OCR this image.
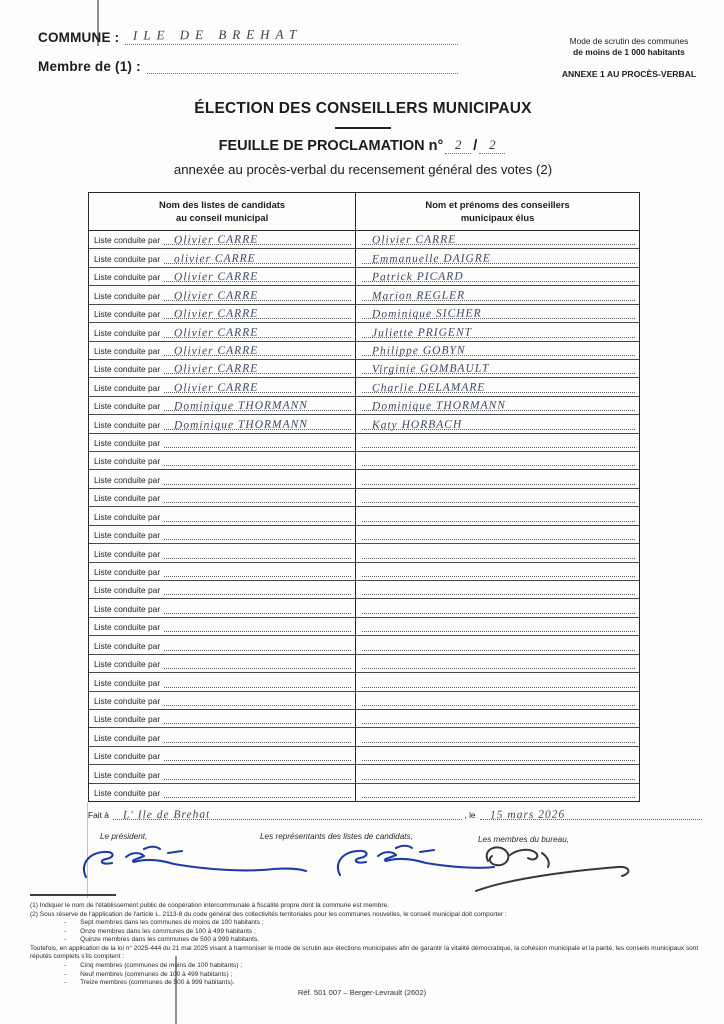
COMMUNE : ILE DE BREHAT
Membre de (1) :
Mode de scrutin des communes
de moins de 1 000 habitants
ANNEXE 1 AU PROCÈS-VERBAL
ÉLECTION DES CONSEILLERS MUNICIPAUX
FEUILLE DE PROCLAMATION n° 2 / 2
annexée au procès-verbal du recensement général des votes (2)
Nom des listes de candidats
au conseil municipal
Nom et prénoms des conseillers
municipaux élus
Liste conduite par Olivier CARRE	Olivier CARRE
Liste conduite par olivier CARRE	Emmanuelle DAIGRE
Liste conduite par Olivier CARRE	Patrick PICARD
Liste conduite par Olivier CARRE	Marion REGLER
Liste conduite par Olivier CARRE	Dominique SICHER
Liste conduite par Olivier CARRE	Juliette PRIGENT
Liste conduite par Olivier CARRE	Philippe GOBYN
Liste conduite par Olivier CARRE	Virginie GOMBAULT
Liste conduite par Olivier CARRE	Charlie DELAMARE
Liste conduite par Dominique THORMANN	Dominique THORMANN
Liste conduite par Dominique THORMANN	Katy HORBACH
Liste conduite par
Liste conduite par
Liste conduite par
Liste conduite par
Liste conduite par
Liste conduite par
Liste conduite par
Liste conduite par
Liste conduite par
Liste conduite par
Liste conduite par
Liste conduite par
Liste conduite par
Liste conduite par
Liste conduite par
Liste conduite par
Liste conduite par
Liste conduite par
Liste conduite par
Liste conduite par
Fait à L' Ile de Brehat	, le 15 mars 2026
Le président,	Les représentants des listes de candidats,	Les membres du bureau,
(1) Indiquer le nom de l'établissement public de coopération intercommunale à fiscalité propre dont la commune est membre.
(2) Sous réserve de l'application de l'article L. 2113-8 du code général des collectivités territoriales pour les communes nouvelles, le conseil municipal doit comporter :
- Sept membres dans les communes de moins de 100 habitants ;
- Onze membres dans les communes de 100 à 499 habitants ;
- Quinze membres dans les communes de 500 à 999 habitants.
Toutefois, en application de la loi n° 2025-444 du 21 mai 2025 visant à harmoniser le mode de scrutin aux élections municipales afin de garantir la vitalité démocratique, la cohésion municipale et la parité, les conseils municipaux sont réputés complets s'ils comptent :
- Cinq membres (communes de moins de 100 habitants) ;
- Neuf membres (communes de 100 à 499 habitants) ;
- Treize membres (communes de 500 à 999 habitants).
Réf. 501 007 – Berger-Levrault (2602)
